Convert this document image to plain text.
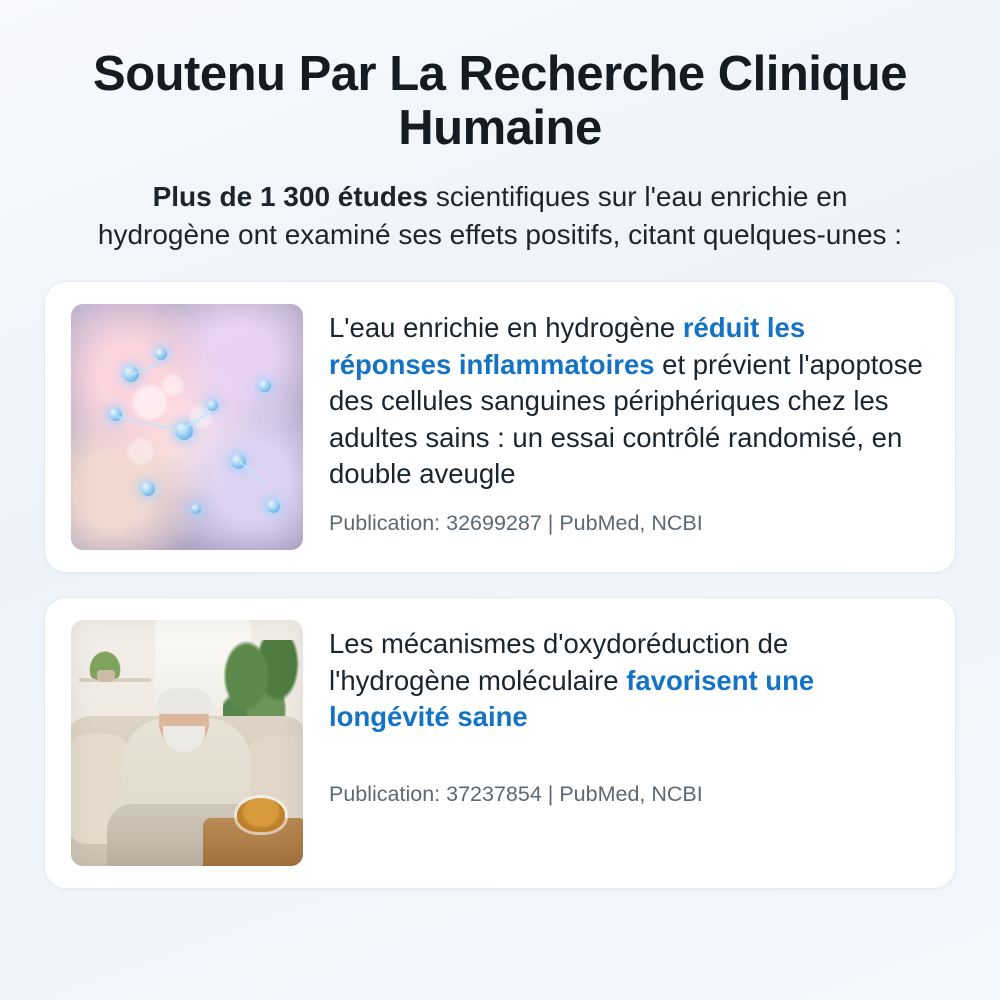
Soutenu Par La Recherche Clinique Humaine

Plus de 1 300 études scientifiques sur l'eau enrichie en hydrogène ont examiné ses effets positifs, citant quelques-unes :

L'eau enrichie en hydrogène réduit les réponses inflammatoires et prévient l'apoptose des cellules sanguines périphériques chez les adultes sains : un essai contrôlé randomisé, en double aveugle
Publication: 32699287 | PubMed, NCBI
Les mécanismes d'oxydoréduction de l'hydrogène moléculaire favorisent une longévité saine
Publication: 37237854 | PubMed, NCBI
